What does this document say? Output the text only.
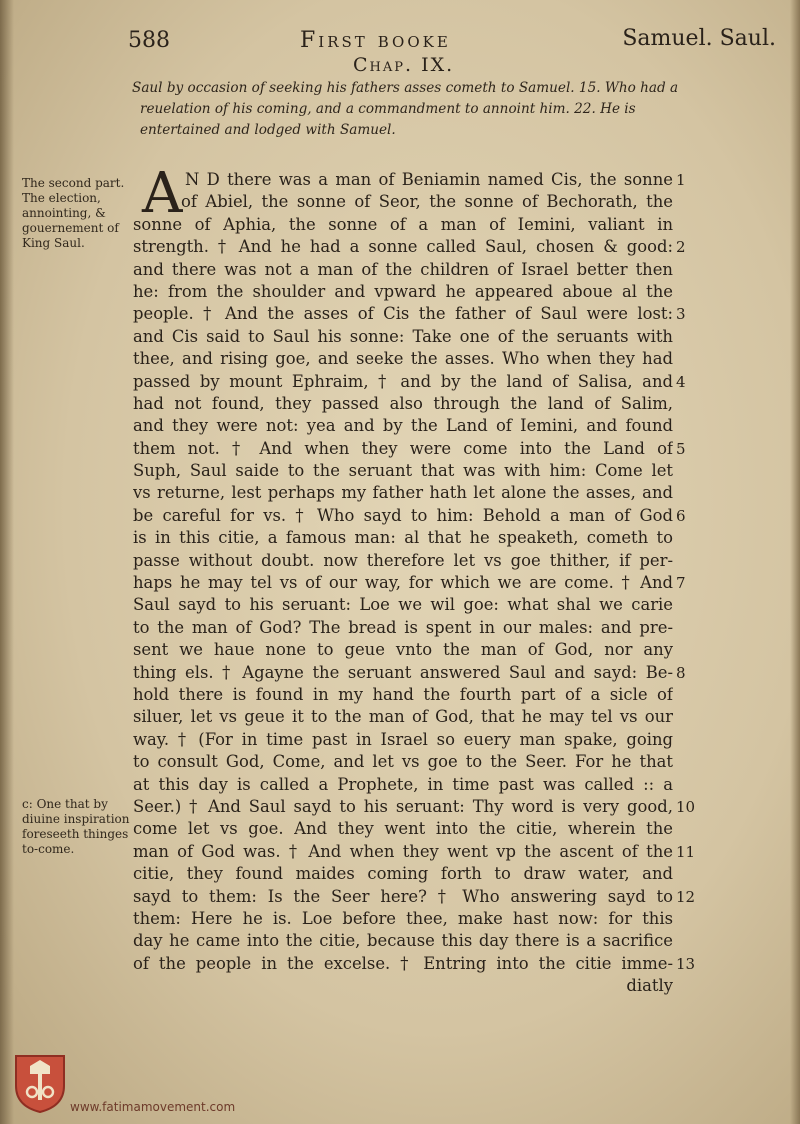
588	First booke	Samuel. Saul.
Chap. IX.
Saul by occasion of seeking his fathers asses cometh to Samuel. 15. Who had a
reuelation of his coming, and a commandment to annoint him. 22. He is
entertained and lodged with Samuel.
The second part. The election, annointing, & gouernement of King Saul.
c: One that by diuine inspiration foreseeth thinges to-come.
A N D there was a man of Beniamin named Cis, the sonne
of Abiel, the sonne of Seor, the sonne of Bechorath, the
sonne of Aphia, the sonne of a man of Iemini, valiant in
strength. † And he had a sonne called Saul, chosen & good:
and there was not a man of the children of Israel better then
he: from the shoulder and vpward he appeared aboue al the
people. † And the asses of Cis the father of Saul were lost:
and Cis said to Saul his sonne: Take one of the seruants with
thee, and rising goe, and seeke the asses. Who when they had
passed by mount Ephraim, † and by the land of Salisa, and
had not found, they passed also through the land of Salim,
and they were not: yea and by the Land of Iemini, and found
them not. † And when they were come into the Land of
Suph, Saul saide to the seruant that was with him: Come let
vs returne, lest perhaps my father hath let alone the asses, and
be careful for vs. † Who sayd to him: Behold a man of God
is in this citie, a famous man: al that he speaketh, cometh to
passe without doubt. now therefore let vs goe thither, if per-
haps he may tel vs of our way, for which we are come. † And
Saul sayd to his seruant: Loe we wil goe: what shal we carie
to the man of God? The bread is spent in our males: and pre-
sent we haue none to geue vnto the man of God, nor any
thing els. † Agayne the seruant answered Saul and sayd: Be-
hold there is found in my hand the fourth part of a sicle of
siluer, let vs geue it to the man of God, that he may tel vs our
way. † (For in time past in Israel so euery man spake, going
to consult God, Come, and let vs goe to the Seer. For he that
at this day is called a Prophete, in time past was called :: a
Seer.) † And Saul sayd to his seruant: Thy word is very good,
come let vs goe. And they went into the citie, wherein the
man of God was. † And when they went vp the ascent of the
citie, they found maides coming forth to draw water, and
sayd to them: Is the Seer here? † Who answering sayd to
them: Here he is. Loe before thee, make hast now: for this
day he came into the citie, because this day there is a sacrifice
of the people in the excelse. † Entring into the citie imme-
diatly
1
2
3
4
5
6
7
8
10
11
12
13
www.fatimamovement.com
